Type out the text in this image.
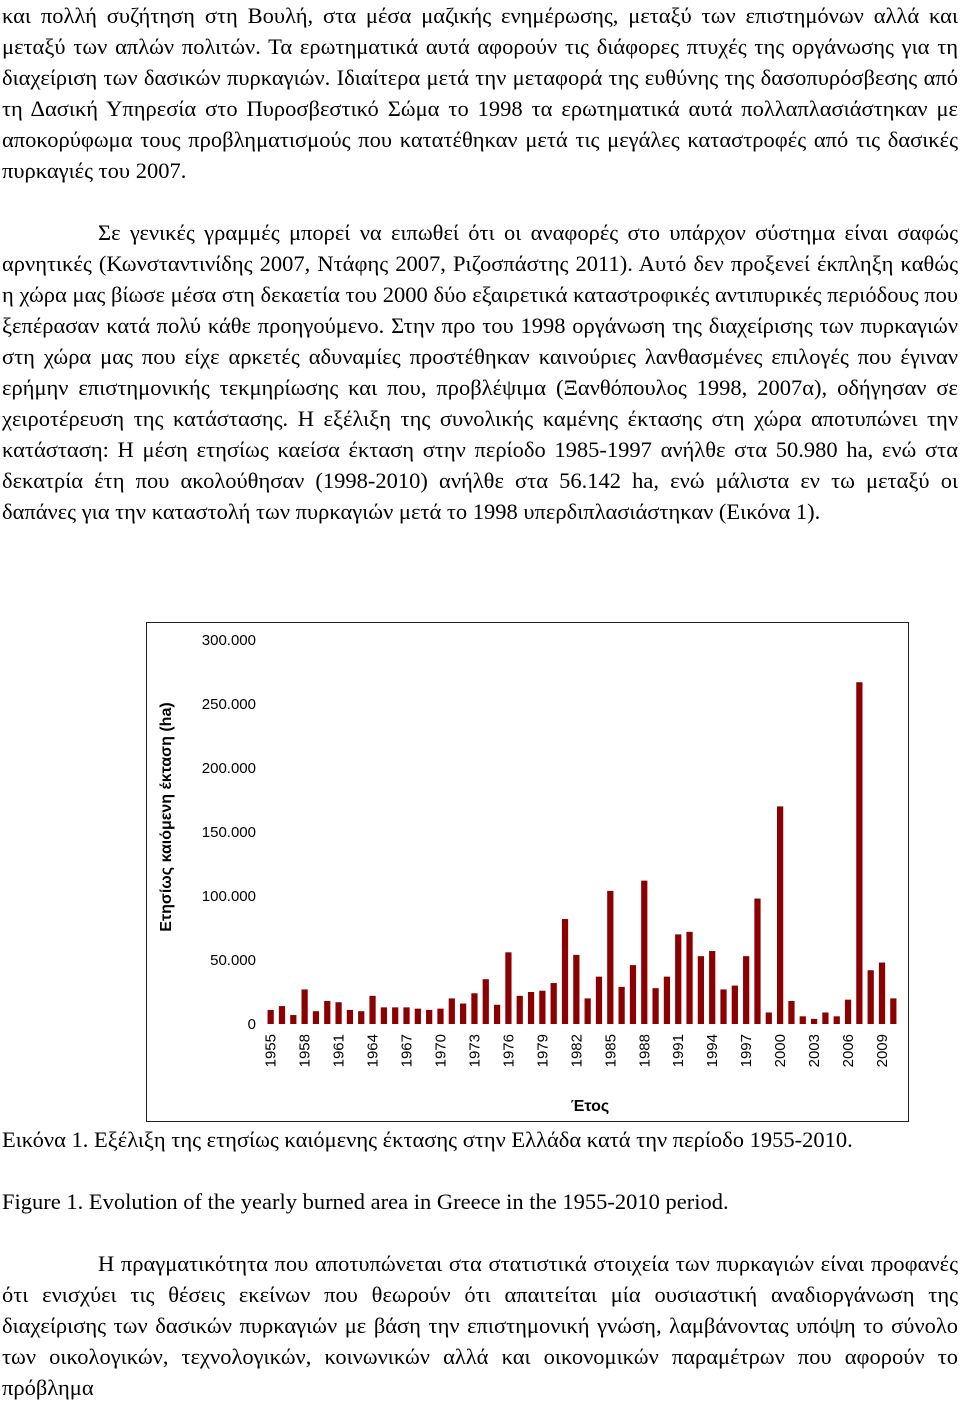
και πολλή συζήτηση στη Βουλή, στα μέσα μαζικής ενημέρωσης, μεταξύ των επιστημόνων αλλά και μεταξύ των απλών πολιτών. Τα ερωτηματικά αυτά αφορούν τις διάφορες πτυχές της οργάνωσης για τη διαχείριση των δασικών πυρκαγιών. Ιδιαίτερα μετά την μεταφορά της ευθύνης της δασοπυρόσβεσης από τη Δασική Υπηρεσία στο Πυροσβεστικό Σώμα το 1998 τα ερωτηματικά αυτά πολλαπλασιάστηκαν με αποκορύφωμα τους προβληματισμούς που κατατέθηκαν μετά τις μεγάλες καταστροφές από τις δασικές πυρκαγιές του 2007.

Σε γενικές γραμμές μπορεί να ειπωθεί ότι οι αναφορές στο υπάρχον σύστημα είναι σαφώς αρνητικές (Κωνσταντινίδης 2007, Ντάφης 2007, Ριζοσπάστης 2011). Αυτό δεν προξενεί έκπληξη καθώς η χώρα μας βίωσε μέσα στη δεκαετία του 2000 δύο εξαιρετικά καταστροφικές αντιπυρικές περιόδους που ξεπέρασαν κατά πολύ κάθε προηγούμενο. Στην προ του 1998 οργάνωση της διαχείρισης των πυρκαγιών στη χώρα μας που είχε αρκετές αδυναμίες προστέθηκαν καινούριες λανθασμένες επιλογές που έγιναν ερήμην επιστημονικής τεκμηρίωσης και που, προβλέψιμα (Ξανθόπουλος 1998, 2007α), οδήγησαν σε χειροτέρευση της κατάστασης. Η εξέλιξη της συνολικής καμένης έκτασης στη χώρα αποτυπώνει την κατάσταση: Η μέση ετησίως καείσα έκταση στην περίοδο 1985-1997 ανήλθε στα 50.980 ha, ενώ στα δεκατρία έτη που ακολούθησαν (1998-2010) ανήλθε στα 56.142 ha, ενώ μάλιστα εν τω μεταξύ οι δαπάνες για την καταστολή των πυρκαγιών μετά το 1998 υπερδιπλασιάστηκαν (Εικόνα 1).

0
50.000
100.000
150.000
200.000
250.000
300.000
1955 1958 1961 1964 1967 1970 1973 1976 1979 1982 1985 1988 1991 1994 1997 2000 2003 2006 2009
Έτος
Ετησίως καιόμενη έκταση (ha)

Εικόνα 1. Εξέλιξη της ετησίως καιόμενης έκτασης στην Ελλάδα κατά την περίοδο 1955-2010.

Figure 1. Evolution of the yearly burned area in Greece in the 1955-2010 period.

Η πραγματικότητα που αποτυπώνεται στα στατιστικά στοιχεία των πυρκαγιών είναι προφανές ότι ενισχύει τις θέσεις εκείνων που θεωρούν ότι απαιτείται μία ουσιαστική αναδιοργάνωση της διαχείρισης των δασικών πυρκαγιών με βάση την επιστημονική γνώση, λαμβάνοντας υπόψη το σύνολο των οικολογικών, τεχνολογικών, κοινωνικών αλλά και οικονομικών παραμέτρων που αφορούν το πρόβλημα
